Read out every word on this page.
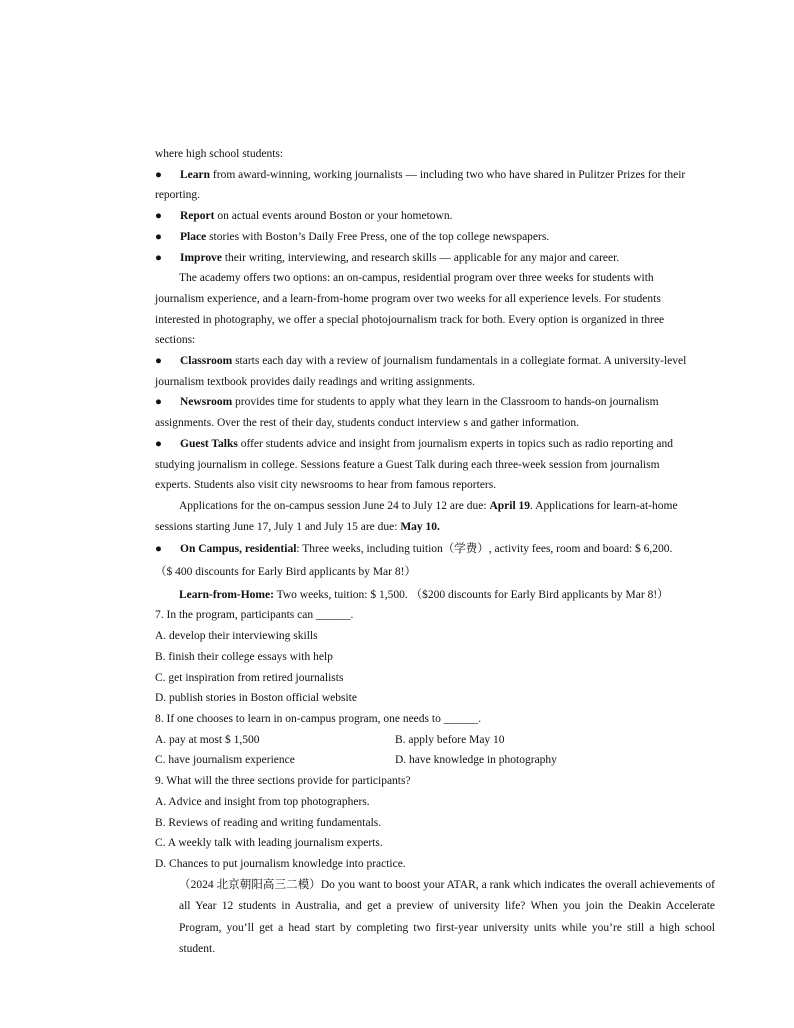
where high school students:
● Learn from award-winning, working journalists — including two who have shared in Pulitzer Prizes for their
reporting.
● Report on actual events around Boston or your hometown.
● Place stories with Boston’s Daily Free Press, one of the top college newspapers.
● Improve their writing, interviewing, and research skills — applicable for any major and career.
The academy offers two options: an on-campus, residential program over three weeks for students with
journalism experience, and a learn-from-home program over two weeks for all experience levels. For students
interested in photography, we offer a special photojournalism track for both. Every option is organized in three
sections:
● Classroom starts each day with a review of journalism fundamentals in a collegiate format. A university-level
journalism textbook provides daily readings and writing assignments.
● Newsroom provides time for students to apply what they learn in the Classroom to hands-on journalism
assignments. Over the rest of their day, students conduct interview s and gather information.
● Guest Talks offer students advice and insight from journalism experts in topics such as radio reporting and
studying journalism in college. Sessions feature a Guest Talk during each three-week session from journalism
experts. Students also visit city newsrooms to hear from famous reporters.
Applications for the on-campus session June 24 to July 12 are due: April 19. Applications for learn-at-home
sessions starting June 17, July 1 and July 15 are due: May 10.
● On Campus, residential: Three weeks, including tuition（学费）, activity fees, room and board: $ 6,200.
（$ 400 discounts for Early Bird applicants by Mar 8!）
Learn-from-Home: Two weeks, tuition: $ 1,500. （$200 discounts for Early Bird applicants by Mar 8!）
7. In the program, participants can ______.
A. develop their interviewing skills
B. finish their college essays with help
C. get inspiration from retired journalists
D. publish stories in Boston official website
8. If one chooses to learn in on-campus program, one needs to ______.
A. pay at most $ 1,500	B. apply before May 10
C. have journalism experience	D. have knowledge in photography
9. What will the three sections provide for participants?
A. Advice and insight from top photographers.
B. Reviews of reading and writing fundamentals.
C. A weekly talk with leading journalism experts.
D. Chances to put journalism knowledge into practice.
（2024 北京朝阳高三二模）Do you want to boost your ATAR, a rank which indicates the overall achievements of all Year 12 students in Australia, and get a preview of university life? When you join the Deakin Accelerate Program, you’ll get a head start by completing two first-year university units while you’re still a high school student.
